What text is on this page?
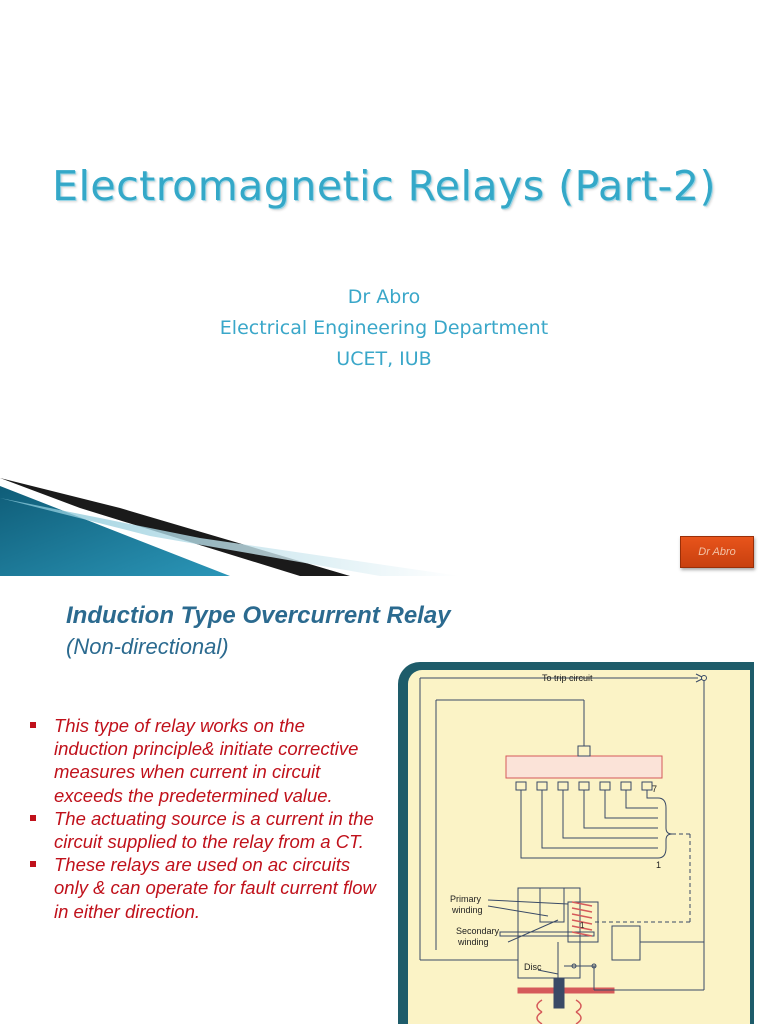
Electromagnetic Relays (Part-2)
Dr Abro
Electrical Engineering Department
UCET, IUB
Dr Abro
Induction Type Overcurrent Relay
(Non-directional)
This type of relay works on the induction principle& initiate corrective measures when current in circuit exceeds the predetermined value.
The actuating source is a current in the circuit supplied to the relay from a CT.
These relays are used on ac circuits only & can operate for fault current flow in either direction.
To trip circuit
7
1
Primary
winding
Secondary
winding
Disc
1
